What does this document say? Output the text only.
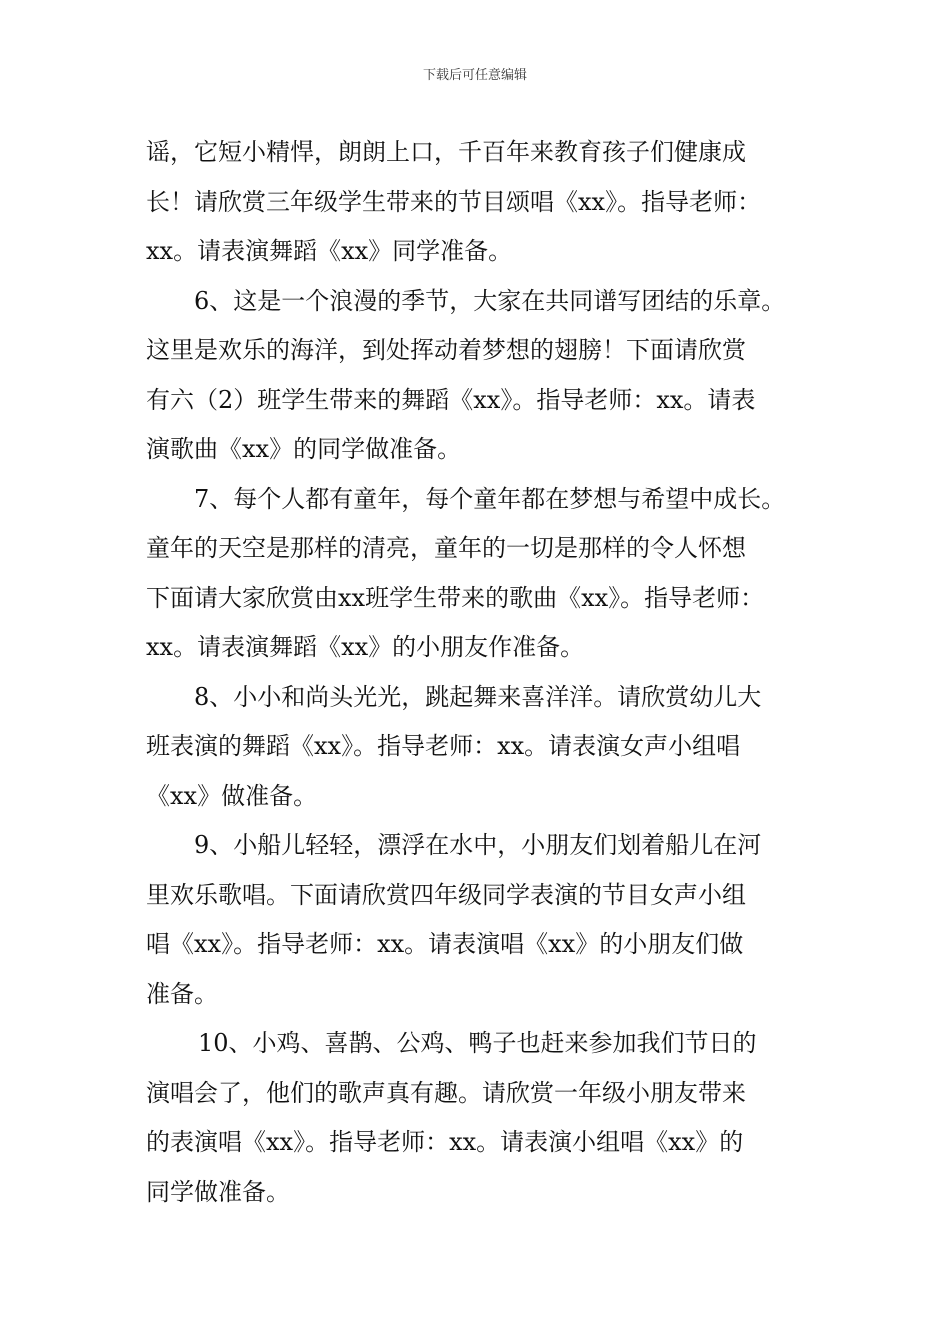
下载后可任意编辑
谣，它短小精悍，朗朗上口，千百年来教育孩子们健康成
长！请欣赏三年级学生带来的节目颂唱《xx》。指导老师：
xx。请表演舞蹈《xx》同学准备。
6、这是一个浪漫的季节，大家在共同谱写团结的乐章。
这里是欢乐的海洋，到处挥动着梦想的翅膀！下面请欣赏
有六（2）班学生带来的舞蹈《xx》。指导老师：xx。请表
演歌曲《xx》的同学做准备。
7、每个人都有童年，每个童年都在梦想与希望中成长。
童年的天空是那样的清亮，童年的一切是那样的令人怀想
下面请大家欣赏由xx班学生带来的歌曲《xx》。指导老师：
xx。请表演舞蹈《xx》的小朋友作准备。
8、小小和尚头光光，跳起舞来喜洋洋。请欣赏幼儿大
班表演的舞蹈《xx》。指导老师：xx。请表演女声小组唱
《xx》做准备。
9、小船儿轻轻，漂浮在水中，小朋友们划着船儿在河
里欢乐歌唱。下面请欣赏四年级同学表演的节目女声小组
唱《xx》。指导老师：xx。请表演唱《xx》的小朋友们做
准备。
10、小鸡、喜鹊、公鸡、鸭子也赶来参加我们节日的
演唱会了，他们的歌声真有趣。请欣赏一年级小朋友带来
的表演唱《xx》。指导老师：xx。请表演小组唱《xx》的
同学做准备。
